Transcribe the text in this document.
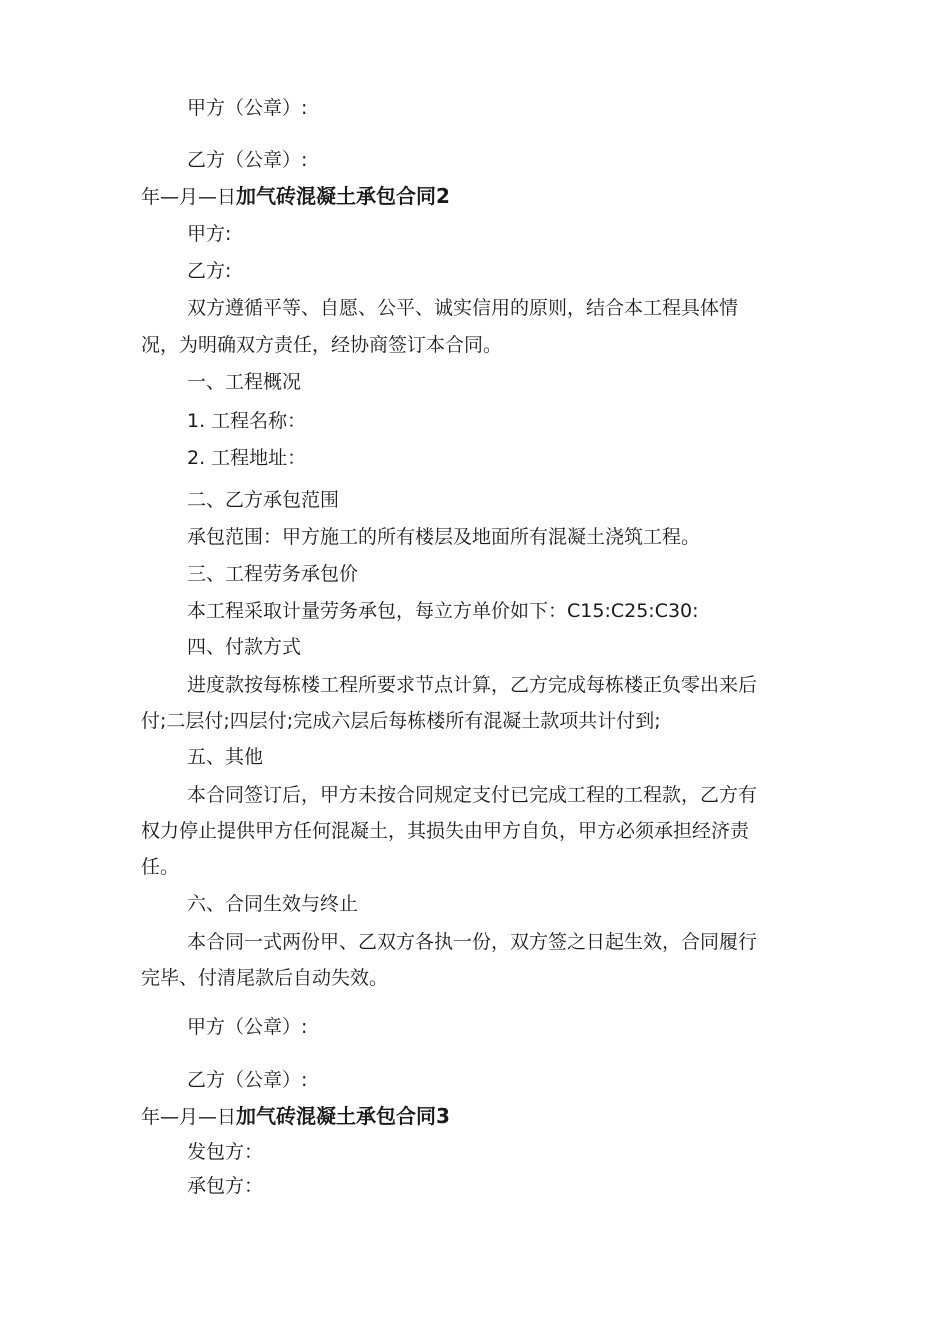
甲方（公章）:
乙方（公章）:
年—月—日加气砖混凝土承包合同2
甲方:
乙方:
双方遵循平等、自愿、公平、诚实信用的原则，结合本工程具体情
况，为明确双方责任，经协商签订本合同。
一、工程概况
1. 工程名称：
2. 工程地址：
二、乙方承包范围
承包范围：甲方施工的所有楼层及地面所有混凝土浇筑工程。
三、工程劳务承包价
本工程采取计量劳务承包，每立方单价如下：C15:C25:C30:
四、付款方式
进度款按每栋楼工程所要求节点计算，乙方完成每栋楼正负零出来后
付;二层付;四层付;完成六层后每栋楼所有混凝土款项共计付到;
五、其他
本合同签订后，甲方未按合同规定支付已完成工程的工程款，乙方有
权力停止提供甲方任何混凝土，其损失由甲方自负，甲方必须承担经济责
任。
六、合同生效与终止
本合同一式两份甲、乙双方各执一份，双方签之日起生效，合同履行
完毕、付清尾款后自动失效。
甲方（公章）:
乙方（公章）:
年—月—日加气砖混凝土承包合同3
发包方：
承包方：
